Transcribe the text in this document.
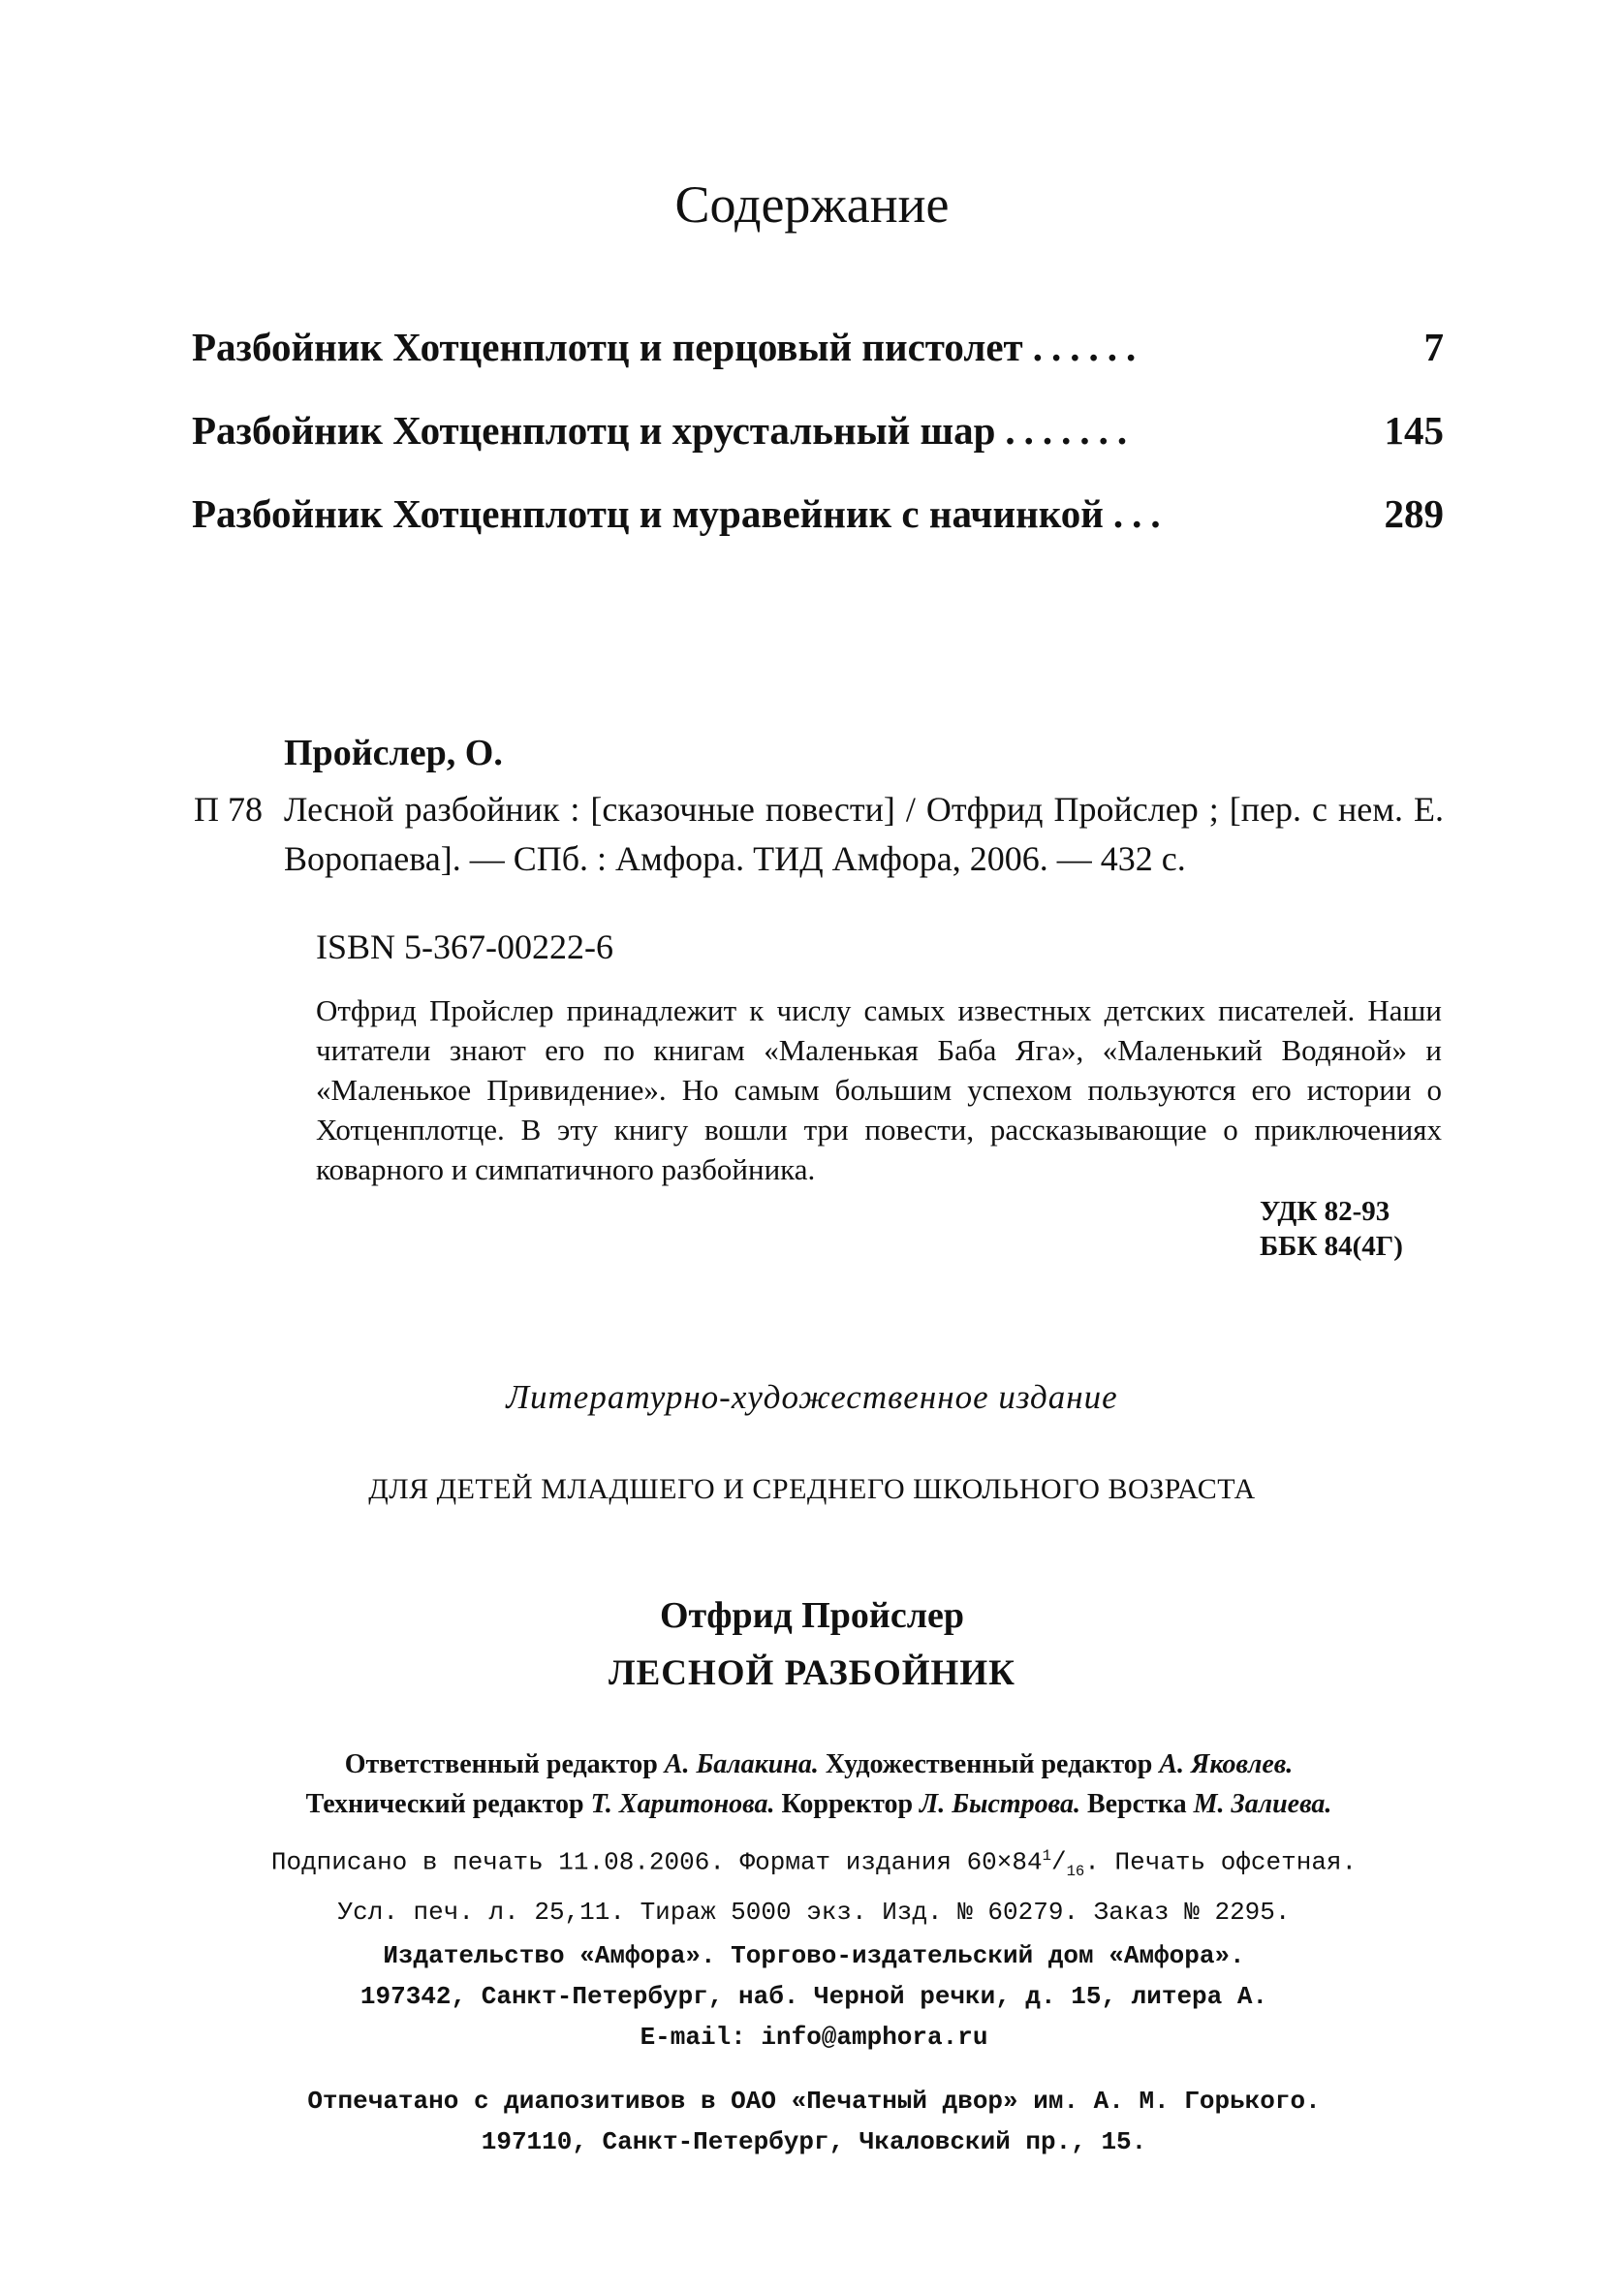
Содержание
Разбойник Хотценплотц и перцовый пистолет ......	7
Разбойник Хотценплотц и хрустальный шар .......	145
Разбойник Хотценплотц и муравейник с начинкой ...	289
Пройслер, О.
П 78 Лесной разбойник : [сказочные повести] / Отфрид Пройслер ; [пер. с нем. Е. Воропаева]. — СПб. : Амфора. ТИД Амфора, 2006. — 432 с.
ISBN 5-367-00222-6
Отфрид Пройслер принадлежит к числу самых известных детских писателей. Наши читатели знают его по книгам «Маленькая Баба Яга», «Маленький Водяной» и «Маленькое Привидение». Но самым большим успехом пользуются его истории о Хотценплотце. В эту книгу вошли три повести, рассказывающие о приключениях коварного и симпатичного разбойника.
УДК 82-93
ББК 84(4Г)
Литературно-художественное издание
ДЛЯ ДЕТЕЙ МЛАДШЕГО И СРЕДНЕГО ШКОЛЬНОГО ВОЗРАСТА
Отфрид Пройслер
ЛЕСНОЙ РАЗБОЙНИК
Ответственный редактор А. Балакина. Художественный редактор А. Яковлев.
Технический редактор Т. Харитонова. Корректор Л. Быстрова. Верстка М. Залиева.
Подписано в печать 11.08.2006. Формат издания $60\times 84^1/_{16}$. Печать офсетная.
Усл. печ. л. 25,11. Тираж 5000 экз. Изд. № 60279. Заказ № 2295.
Издательство «Амфора». Торгово-издательский дом «Амфора».
197342, Санкт-Петербург, наб. Черной речки, д. 15, литера А.
E-mail: info@amphora.ru
Отпечатано с диапозитивов в ОАО «Печатный двор» им. А. М. Горького.
197110, Санкт-Петербург, Чкаловский пр., 15.
